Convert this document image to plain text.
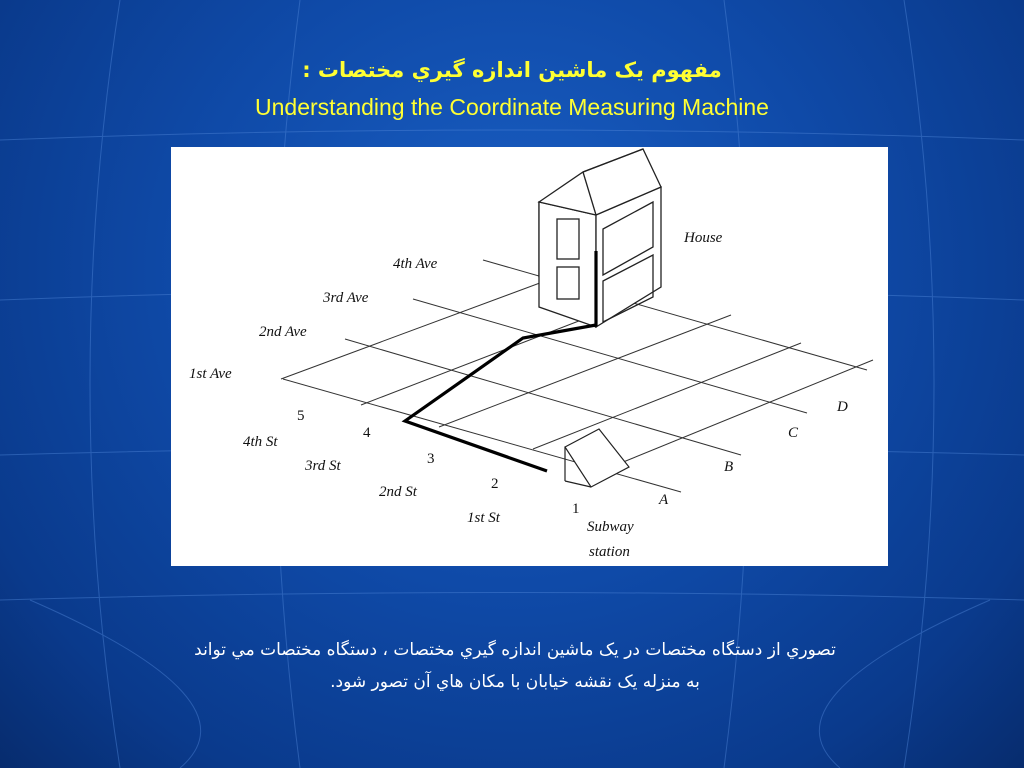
مفهوم يک ماشين اندازه گيري مختصات :
Understanding the Coordinate Measuring Machine
House
1st Ave
2nd Ave
3rd Ave
4th Ave
4th St
3rd St
2nd St
1st St
5
4
3
2
1
A
B
C
D
Subway
station
تصوري از دستگاه مختصات در يک ماشين اندازه گيري مختصات ، دستگاه مختصات مي تواند
به منزله يک نقشه خيابان با مکان هاي آن تصور شود.
